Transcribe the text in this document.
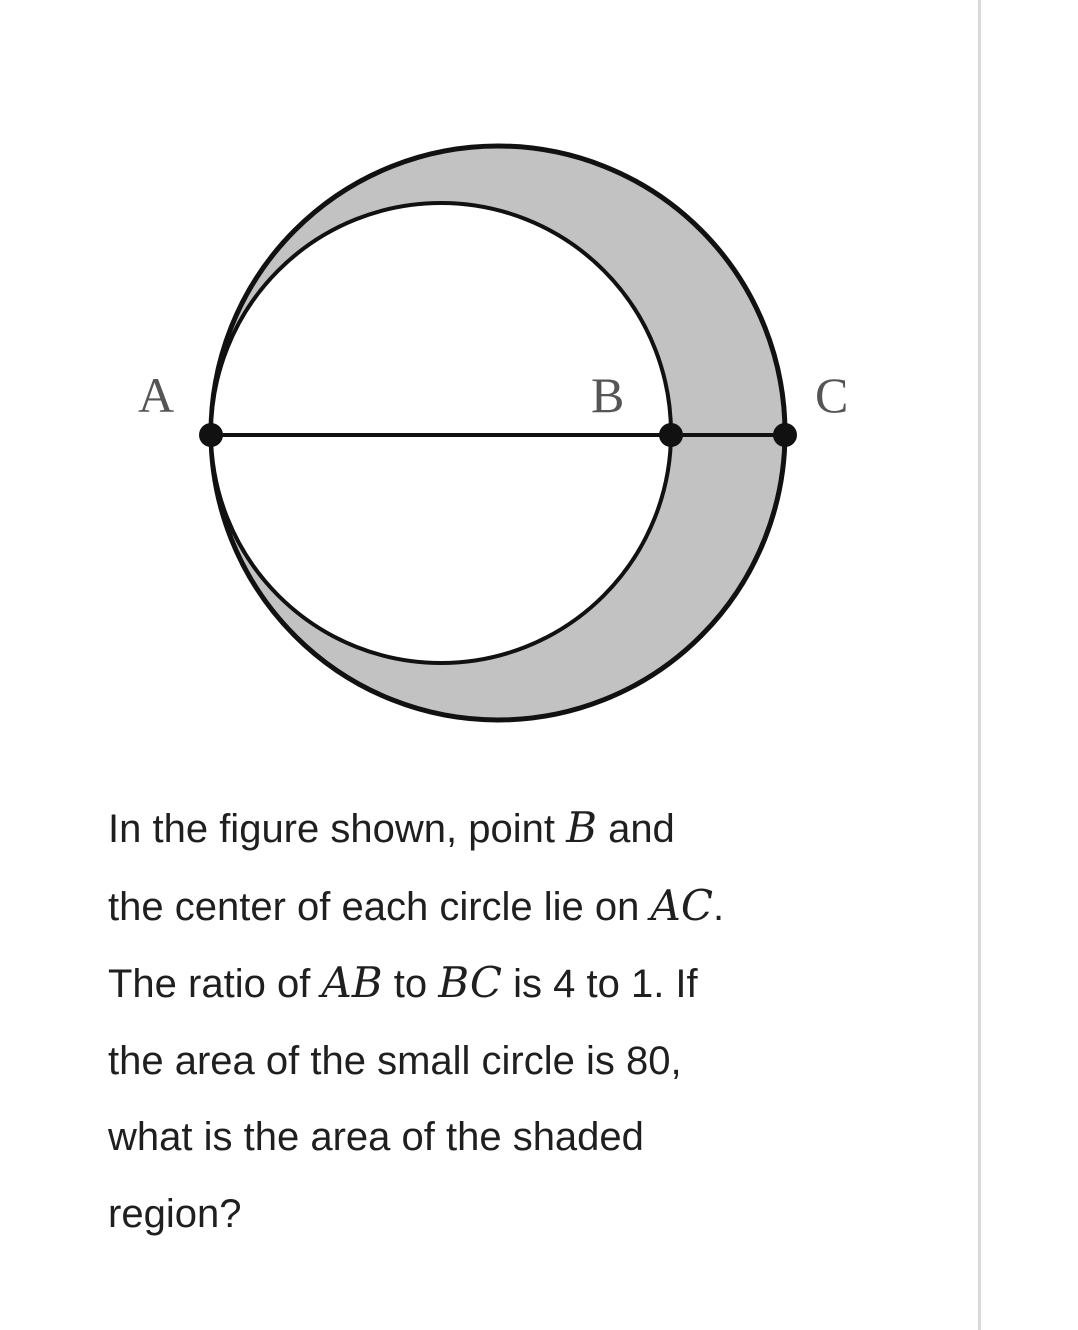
A	B	C
In the figure shown, point B and
the center of each circle lie on AC.
The ratio of AB to BC is 4 to 1. If
the area of the small circle is 80,
what is the area of the shaded
region?
